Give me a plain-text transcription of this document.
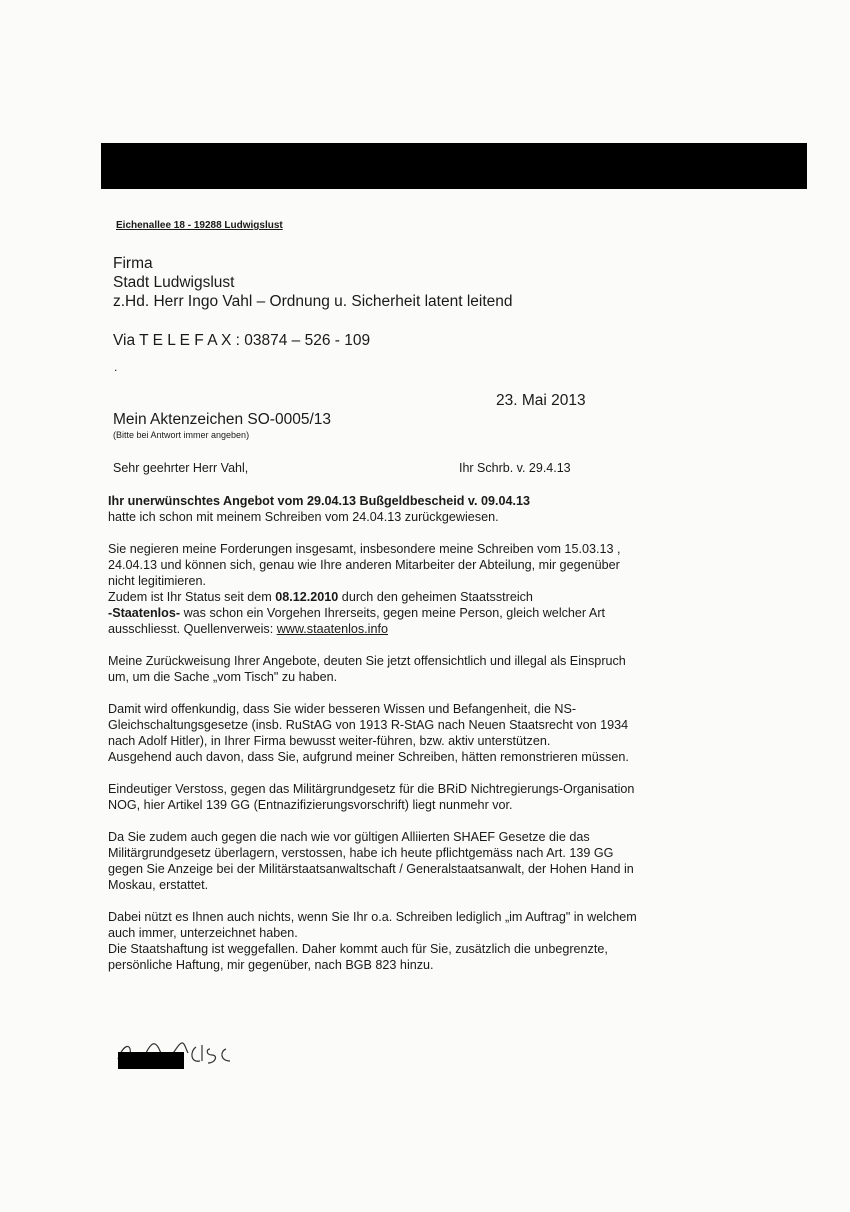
Eichenallee 18 - 19288 Ludwigslust
Firma
Stadt Ludwigslust
z.Hd. Herr Ingo Vahl – Ordnung u. Sicherheit latent leitend
Via T E L E F A X : 03874 – 526 - 109
.
23. Mai 2013
Mein Aktenzeichen SO-0005/13
(Bitte bei Antwort immer angeben)
Sehr geehrter Herr Vahl,	Ihr Schrb. v. 29.4.13

Ihr unerwünschtes Angebot vom 29.04.13 Bußgeldbescheid v. 09.04.13
hatte ich schon mit meinem Schreiben vom 24.04.13 zurückgewiesen.

Sie negieren meine Forderungen insgesamt, insbesondere meine Schreiben vom 15.03.13 , 24.04.13 und können sich, genau wie Ihre anderen Mitarbeiter der Abteilung, mir gegenüber nicht legitimieren.
Zudem ist Ihr Status seit dem 08.12.2010 durch den geheimen Staatsstreich
-Staatenlos- was schon ein Vorgehen Ihrerseits, gegen meine Person, gleich welcher Art ausschliesst. Quellenverweis: www.staatenlos.info

Meine Zurückweisung Ihrer Angebote, deuten Sie jetzt offensichtlich und illegal als Einspruch um, um die Sache „vom Tisch" zu haben.

Damit wird offenkundig, dass Sie wider besseren Wissen und Befangenheit, die NS-Gleichschaltungsgesetze (insb. RuStAG von 1913 R-StAG nach Neuen Staatsrecht von 1934 nach Adolf Hitler), in Ihrer Firma bewusst weiter-führen, bzw. aktiv unterstützen.
Ausgehend auch davon, dass Sie, aufgrund meiner Schreiben, hätten remonstrieren müssen.

Eindeutiger Verstoss, gegen das Militärgrundgesetz für die BRiD Nichtregierungs-Organisation NOG, hier Artikel 139 GG (Entnazifizierungsvorschrift) liegt nunmehr vor.

Da Sie zudem auch gegen die nach wie vor gültigen Alliierten SHAEF Gesetze die das Militärgrundgesetz überlagern, verstossen, habe ich heute pflichtgemäss nach Art. 139 GG gegen Sie Anzeige bei der Militärstaatsanwaltschaft / Generalstaatsanwalt, der Hohen Hand in Moskau, erstattet.

Dabei nützt es Ihnen auch nichts, wenn Sie Ihr o.a. Schreiben lediglich „im Auftrag" in welchem auch immer, unterzeichnet haben.
Die Staatshaftung ist weggefallen. Daher kommt auch für Sie, zusätzlich die unbegrenzte, persönliche Haftung, mir gegenüber, nach BGB 823 hinzu.
